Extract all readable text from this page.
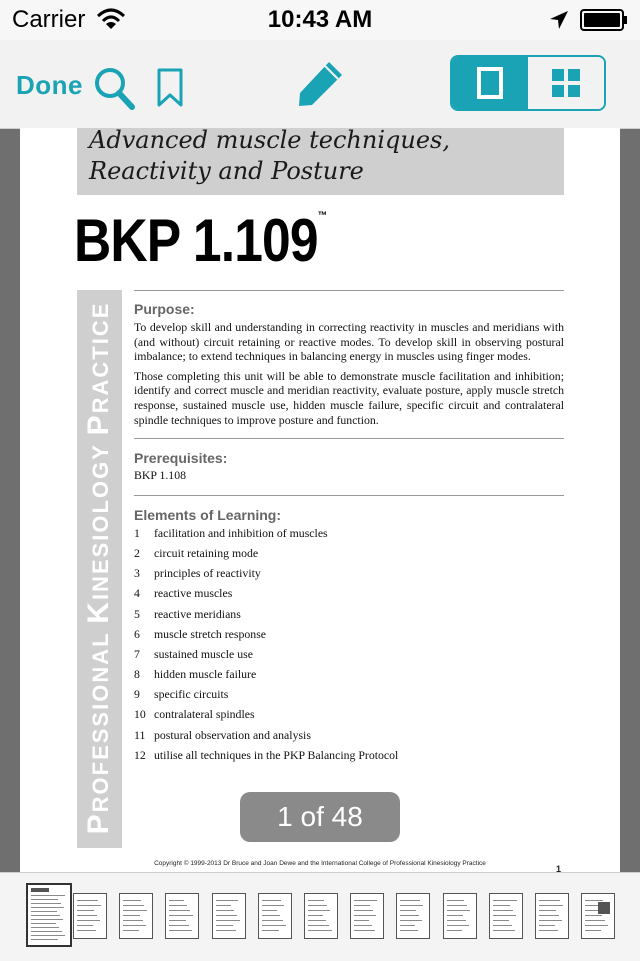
Carrier	10:43 AM
Done
Advanced muscle techniques,
Reactivity and Posture
BKP 1.109™
PROFESSIONAL KINESIOLOGY PRACTICE Purpose:
To develop skill and understanding in correcting reactivity in muscles and meridians with (and without) circuit retaining or reactive modes. To develop skill in observing postural imbalance; to extend techniques in balancing energy in muscles using finger modes.
Those completing this unit will be able to demonstrate muscle facilitation and inhibition; identify and correct muscle and meridian reactivity, evaluate posture, apply muscle stretch response, sustained muscle use, hidden muscle failure, specific circuit and contralateral spindle techniques to improve posture and function.
Prerequisites:
BKP 1.108
Elements of Learning:
1 facilitation and inhibition of muscles
2 circuit retaining mode
3 principles of reactivity
4 reactive muscles
5 reactive meridians
6 muscle stretch response
7 sustained muscle use
8 hidden muscle failure
9 specific circuits
10 contralateral spindles
11 postural observation and analysis
12 utilise all techniques in the PKP Balancing Protocol
1 of 48
Copyright © 1999-2013 Dr Bruce and Joan Dewe and the International College of Professional Kinesiology Practice
1
